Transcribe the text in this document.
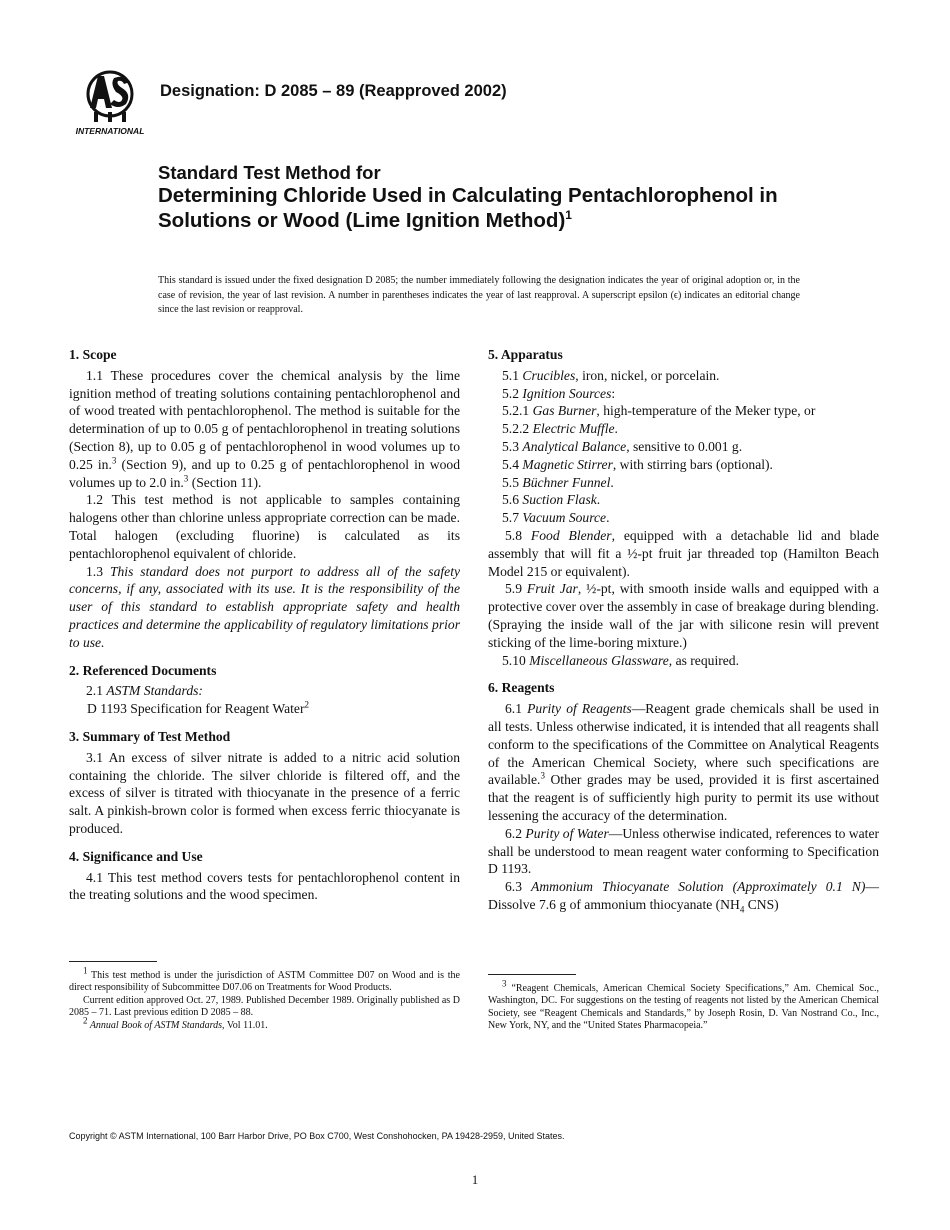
INTERNATIONAL
Designation: D 2085 – 89 (Reapproved 2002)
Standard Test Method for
Determining Chloride Used in Calculating Pentachlorophenol in Solutions or Wood (Lime Ignition Method)$^1$
This standard is issued under the fixed designation D 2085; the number immediately following the designation indicates the year of original adoption or, in the case of revision, the year of last revision. A number in parentheses indicates the year of last reapproval. A superscript epsilon (ϵ) indicates an editorial change since the last revision or reapproval.
1. Scope

1.1 These procedures cover the chemical analysis by the lime ignition method of treating solutions containing pentachlorophenol and of wood treated with pentachlorophenol. The method is suitable for the determination of up to 0.05 g of pentachlorophenol in treating solutions (Section 8), up to 0.05 g of pentachlorophenol in wood volumes up to 0.25 in.$^3$ (Section 9), and up to 0.25 g of pentachlorophenol in wood volumes up to 2.0 in.$^3$ (Section 11).

1.2 This test method is not applicable to samples containing halogens other than chlorine unless appropriate correction can be made. Total halogen (excluding fluorine) is calculated as its pentachlorophenol equivalent of chloride.

1.3 This standard does not purport to address all of the safety concerns, if any, associated with its use. It is the responsibility of the user of this standard to establish appropriate safety and health practices and determine the applicability of regulatory limitations prior to use.

2. Referenced Documents

2.1 ASTM Standards:

D 1193 Specification for Reagent Water$^2$
3. Summary of Test Method

3.1 An excess of silver nitrate is added to a nitric acid solution containing the chloride. The silver chloride is filtered off, and the excess of silver is titrated with thiocyanate in the presence of a ferric salt. A pinkish-brown color is formed when excess ferric thiocyanate is produced.

4. Significance and Use

4.1 This test method covers tests for pentachlorophenol content in the treating solutions and the wood specimen.

$^1$ This test method is under the jurisdiction of ASTM Committee D07 on Wood and is the direct responsibility of Subcommittee D07.06 on Treatments for Wood Products.

Current edition approved Oct. 27, 1989. Published December 1989. Originally published as D 2085 – 71. Last previous edition D 2085 – 88.

$^2$ Annual Book of ASTM Standards, Vol 11.01.

5. Apparatus
5.1 Crucibles, iron, nickel, or porcelain.
5.2 Ignition Sources:
5.2.1 Gas Burner, high-temperature of the Meker type, or
5.2.2 Electric Muffle.
5.3 Analytical Balance, sensitive to 0.001 g.
5.4 Magnetic Stirrer, with stirring bars (optional).
5.5 Büchner Funnel.
5.6 Suction Flask.
5.7 Vacuum Source.

5.8 Food Blender, equipped with a detachable lid and blade assembly that will fit a ½-pt fruit jar threaded top (Hamilton Beach Model 215 or equivalent).

5.9 Fruit Jar, ½-pt, with smooth inside walls and equipped with a protective cover over the assembly in case of breakage during blending. (Spraying the inside wall of the jar with silicone resin will prevent sticking of the lime-boring mixture.)

5.10 Miscellaneous Glassware, as required.
6. Reagents

6.1 Purity of Reagents—Reagent grade chemicals shall be used in all tests. Unless otherwise indicated, it is intended that all reagents shall conform to the specifications of the Committee on Analytical Reagents of the American Chemical Society, where such specifications are available.$^3$ Other grades may be used, provided it is first ascertained that the reagent is of sufficiently high purity to permit its use without lessening the accuracy of the determination.

6.2 Purity of Water—Unless otherwise indicated, references to water shall be understood to mean reagent water conforming to Specification D 1193.

6.3 Ammonium Thiocyanate Solution (Approximately 0.1 N)—Dissolve 7.6 g of ammonium thiocyanate ($NH_4$ CNS)

$^3$ “Reagent Chemicals, American Chemical Society Specifications,” Am. Chemical Soc., Washington, DC. For suggestions on the testing of reagents not listed by the American Chemical Society, see “Reagent Chemicals and Standards,” by Joseph Rosin, D. Van Nostrand Co., Inc., New York, NY, and the “United States Pharmacopeia.”

Copyright © ASTM International, 100 Barr Harbor Drive, PO Box C700, West Conshohocken, PA 19428-2959, United States.
1
